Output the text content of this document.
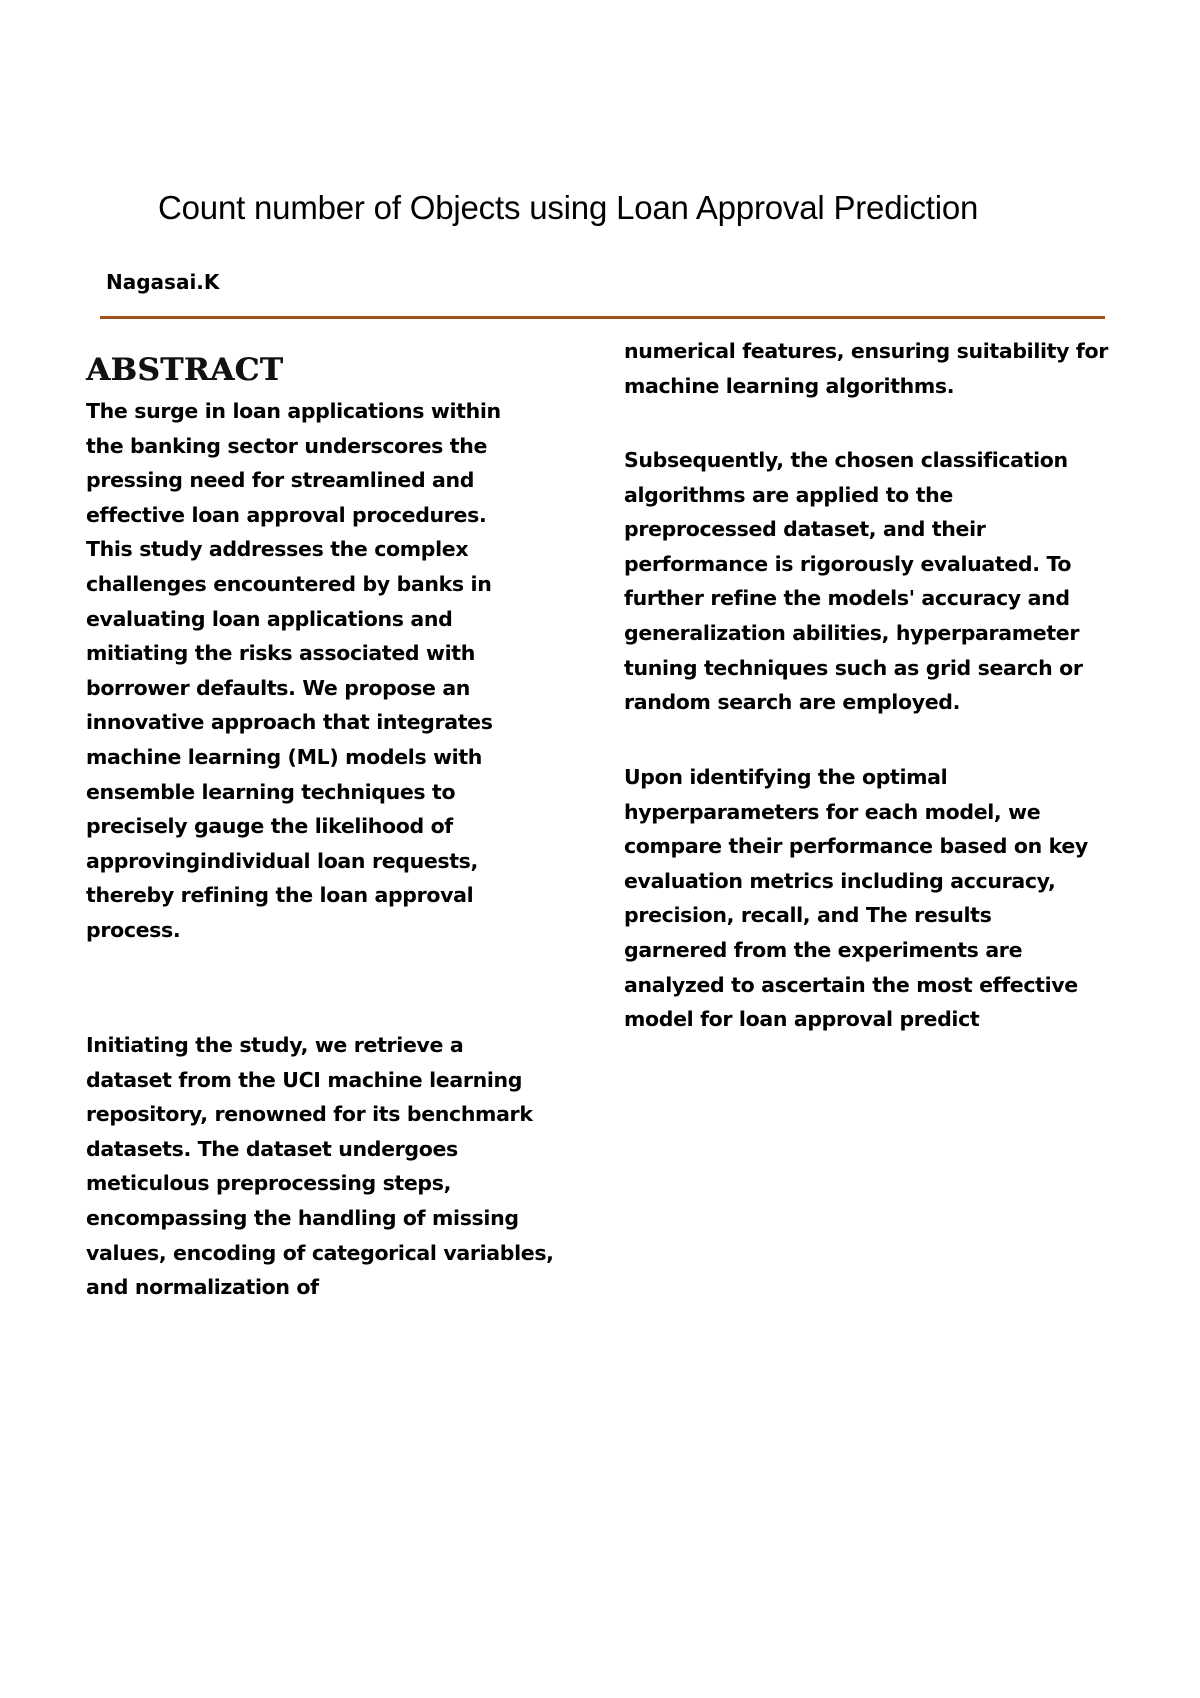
Count number of Objects using Loan Approval Prediction
Nagasai.K
ABSTRACT

The surge in loan applications within
the banking sector underscores the
pressing need for streamlined and
effective loan approval procedures.
This study addresses the complex
challenges encountered by banks in
evaluating loan applications and
mitiating the risks associated with
borrower defaults. We propose an
innovative approach that integrates
machine learning (ML) models with
ensemble learning techniques to
precisely gauge the likelihood of
approvingindividual loan requests,
thereby refining the loan approval
process.

Initiating the study, we retrieve a
dataset from the UCI machine learning
repository, renowned for its benchmark
datasets. The dataset undergoes
meticulous preprocessing steps,
encompassing the handling of missing
values, encoding of categorical variables,
and normalization of

numerical features, ensuring suitability for
machine learning algorithms.

Subsequently, the chosen classification
algorithms are applied to the
preprocessed dataset, and their
performance is rigorously evaluated. To
further refine the models' accuracy and
generalization abilities, hyperparameter
tuning techniques such as grid search or
random search are employed.

Upon identifying the optimal
hyperparameters for each model, we
compare their performance based on key
evaluation metrics including accuracy,
precision, recall, and The results
garnered from the experiments are
analyzed to ascertain the most effective
model for loan approval predict
